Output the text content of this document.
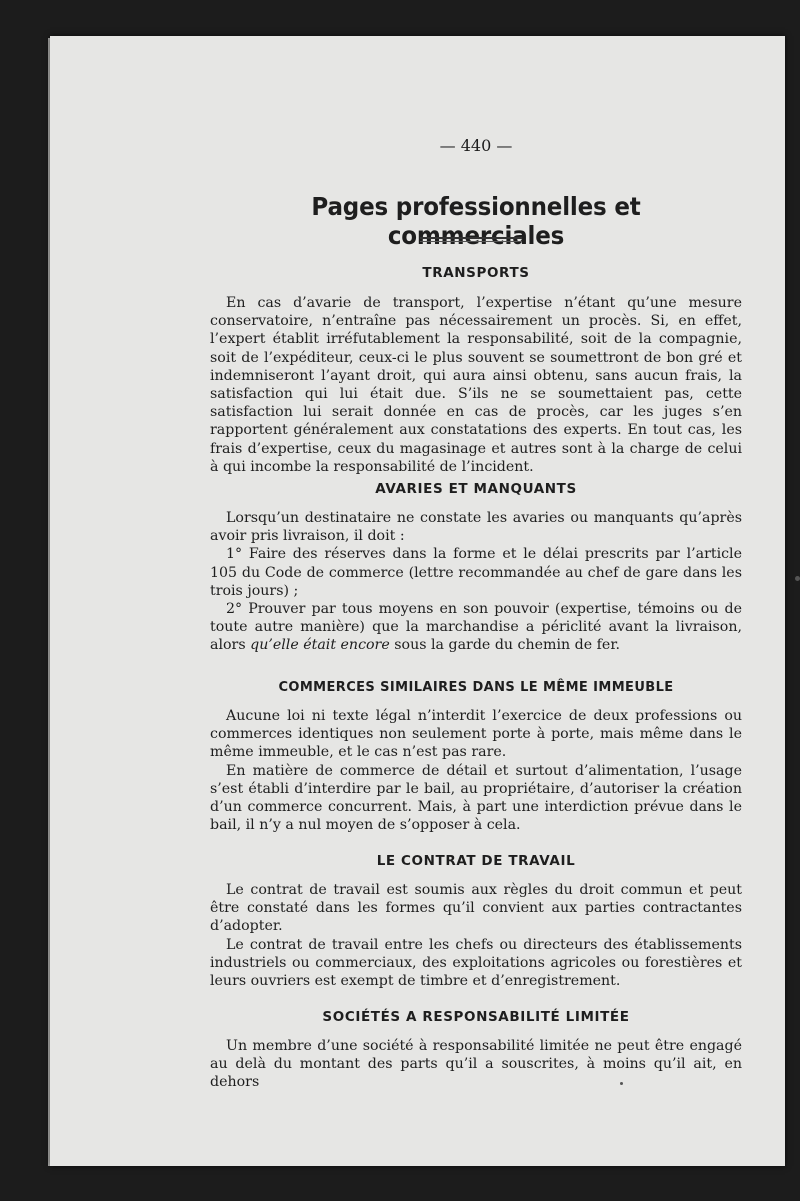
— 440 —
Pages professionnelles et commerciales
TRANSPORTS

En cas d’avarie de transport, l’expertise n’étant qu’une mesure conservatoire, n’entraîne pas nécessairement un procès. Si, en effet, l’expert établit irréfutablement la responsabilité, soit de la compagnie, soit de l’expéditeur, ceux-ci le plus souvent se soumettront de bon gré et indemniseront l’ayant droit, qui aura ainsi obtenu, sans aucun frais, la satisfaction qui lui était due. S’ils ne se soumettaient pas, cette satisfaction lui serait donnée en cas de procès, car les juges s’en rapportent généralement aux constatations des experts. En tout cas, les frais d’expertise, ceux du magasinage et autres sont à la charge de celui à qui incombe la responsabilité de l’incident.

AVARIES ET MANQUANTS

Lorsqu’un destinataire ne constate les avaries ou manquants qu’après avoir pris livraison, il doit :

1° Faire des réserves dans la forme et le délai prescrits par l’article 105 du Code de commerce (lettre recommandée au chef de gare dans les trois jours) ;

2° Prouver par tous moyens en son pouvoir (expertise, témoins ou de toute autre manière) que la marchandise a périclité avant la livraison, alors qu’elle était encore sous la garde du chemin de fer.

COMMERCES SIMILAIRES DANS LE MÊME IMMEUBLE

Aucune loi ni texte légal n’interdit l’exercice de deux professions ou commerces identiques non seulement porte à porte, mais même dans le même immeuble, et le cas n’est pas rare.

En matière de commerce de détail et surtout d’alimentation, l’usage s’est établi d’interdire par le bail, au propriétaire, d’autoriser la création d’un commerce concurrent. Mais, à part une interdiction prévue dans le bail, il n’y a nul moyen de s’opposer à cela.

LE CONTRAT DE TRAVAIL

Le contrat de travail est soumis aux règles du droit commun et peut être constaté dans les formes qu’il convient aux parties contractantes d’adopter.

Le contrat de travail entre les chefs ou directeurs des établissements industriels ou commerciaux, des exploitations agricoles ou forestières et leurs ouvriers est exempt de timbre et d’enregistrement.

SOCIÉTÉS A RESPONSABILITÉ LIMITÉE

Un membre d’une société à responsabilité limitée ne peut être engagé au delà du montant des parts qu’il a souscrites, à moins qu’il ait, en dehors
